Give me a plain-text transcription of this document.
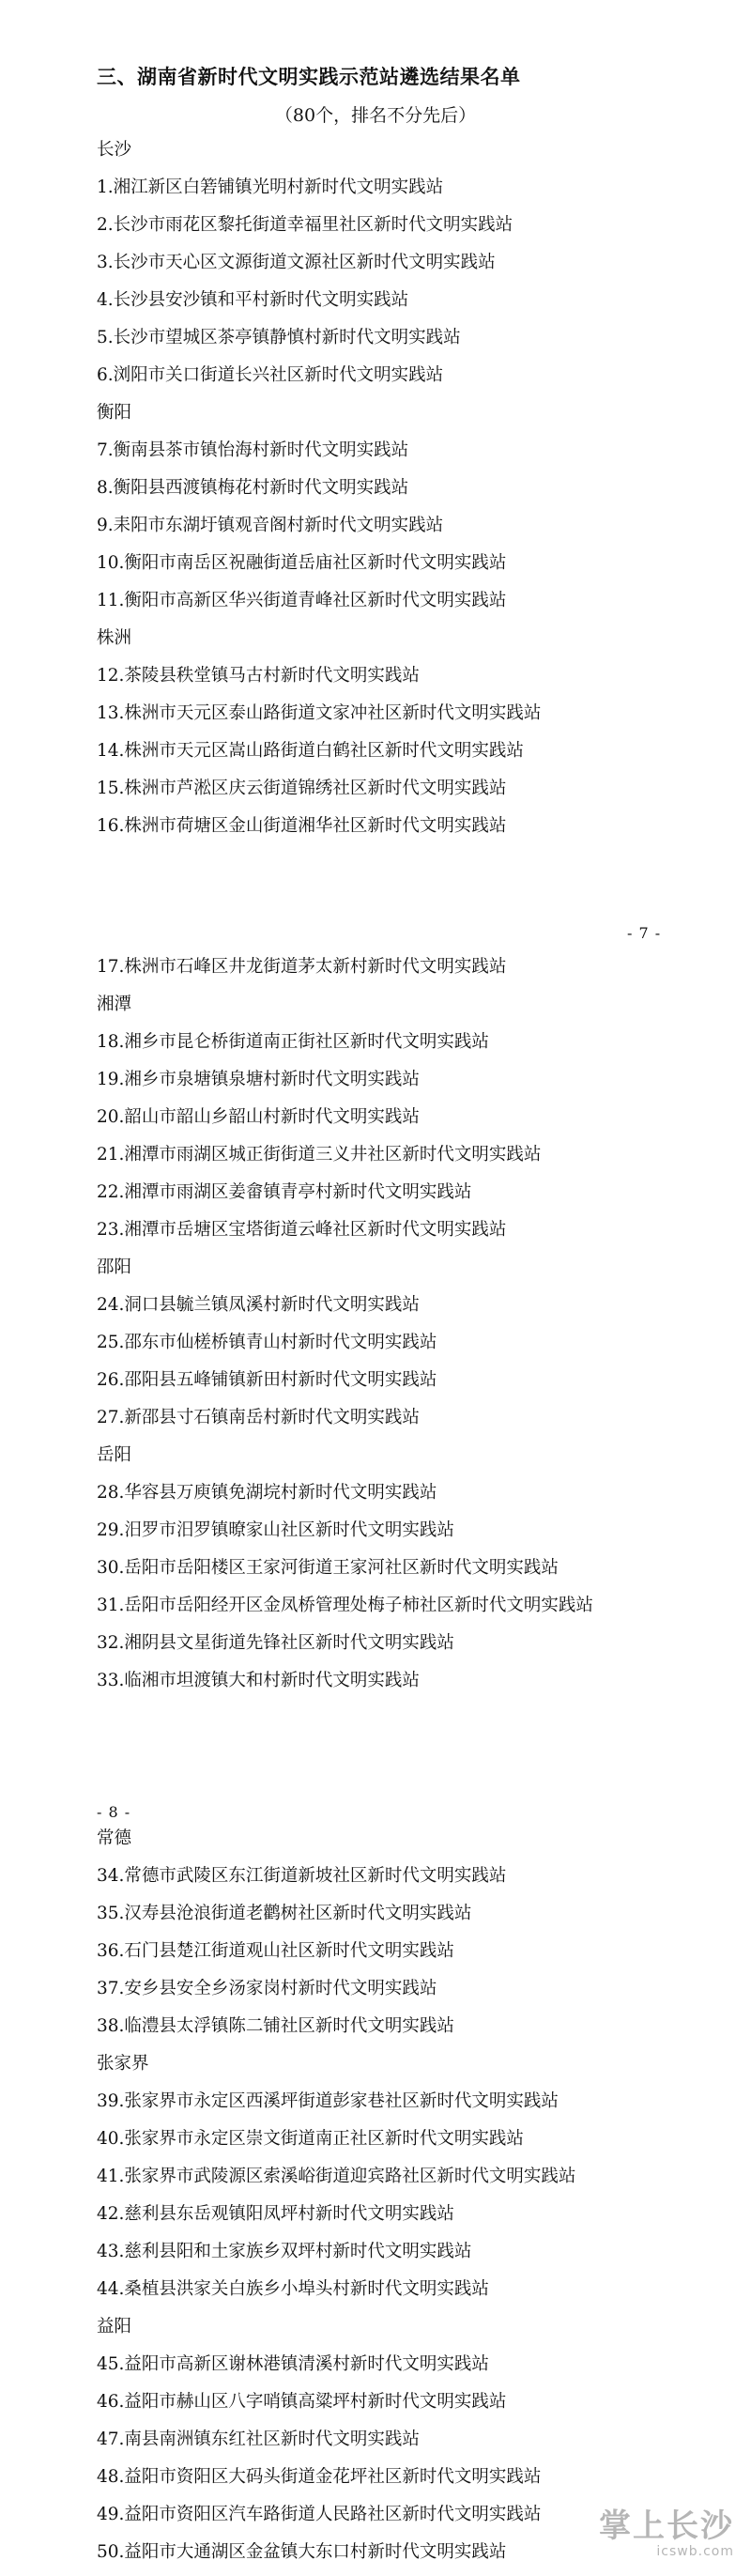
三、湖南省新时代文明实践示范站遴选结果名单
（80个，排名不分先后）
长沙
1.湘江新区白箬铺镇光明村新时代文明实践站
2.长沙市雨花区黎托街道幸福里社区新时代文明实践站
3.长沙市天心区文源街道文源社区新时代文明实践站
4.长沙县安沙镇和平村新时代文明实践站
5.长沙市望城区茶亭镇静慎村新时代文明实践站
6.浏阳市关口街道长兴社区新时代文明实践站
衡阳
7.衡南县茶市镇怡海村新时代文明实践站
8.衡阳县西渡镇梅花村新时代文明实践站
9.耒阳市东湖圩镇观音阁村新时代文明实践站
10.衡阳市南岳区祝融街道岳庙社区新时代文明实践站
11.衡阳市高新区华兴街道青峰社区新时代文明实践站
株洲
12.茶陵县秩堂镇马古村新时代文明实践站
13.株洲市天元区泰山路街道文家冲社区新时代文明实践站
14.株洲市天元区嵩山路街道白鹤社区新时代文明实践站
15.株洲市芦淞区庆云街道锦绣社区新时代文明实践站
16.株洲市荷塘区金山街道湘华社区新时代文明实践站
- 7 -
17.株洲市石峰区井龙街道茅太新村新时代文明实践站
湘潭
18.湘乡市昆仑桥街道南正街社区新时代文明实践站
19.湘乡市泉塘镇泉塘村新时代文明实践站
20.韶山市韶山乡韶山村新时代文明实践站
21.湘潭市雨湖区城正街街道三义井社区新时代文明实践站
22.湘潭市雨湖区姜畲镇青亭村新时代文明实践站
23.湘潭市岳塘区宝塔街道云峰社区新时代文明实践站
邵阳
24.洞口县毓兰镇凤溪村新时代文明实践站
25.邵东市仙槎桥镇青山村新时代文明实践站
26.邵阳县五峰铺镇新田村新时代文明实践站
27.新邵县寸石镇南岳村新时代文明实践站
岳阳
28.华容县万庾镇免湖垸村新时代文明实践站
29.汨罗市汨罗镇暸家山社区新时代文明实践站
30.岳阳市岳阳楼区王家河街道王家河社区新时代文明实践站
31.岳阳市岳阳经开区金凤桥管理处梅子柿社区新时代文明实践站
32.湘阴县文星街道先锋社区新时代文明实践站
33.临湘市坦渡镇大和村新时代文明实践站
- 8 -
常德
34.常德市武陵区东江街道新坡社区新时代文明实践站
35.汉寿县沧浪街道老鹳树社区新时代文明实践站
36.石门县楚江街道观山社区新时代文明实践站
37.安乡县安全乡汤家岗村新时代文明实践站
38.临澧县太浮镇陈二铺社区新时代文明实践站
张家界
39.张家界市永定区西溪坪街道彭家巷社区新时代文明实践站
40.张家界市永定区崇文街道南正社区新时代文明实践站
41.张家界市武陵源区索溪峪街道迎宾路社区新时代文明实践站
42.慈利县东岳观镇阳凤坪村新时代文明实践站
43.慈利县阳和土家族乡双坪村新时代文明实践站
44.桑植县洪家关白族乡小埠头村新时代文明实践站
益阳
45.益阳市高新区谢林港镇清溪村新时代文明实践站
46.益阳市赫山区八字哨镇高粱坪村新时代文明实践站
47.南县南洲镇东红社区新时代文明实践站
48.益阳市资阳区大码头街道金花坪社区新时代文明实践站
49.益阳市资阳区汽车路街道人民路社区新时代文明实践站
50.益阳市大通湖区金盆镇大东口村新时代文明实践站
掌上长沙
icswb.com
